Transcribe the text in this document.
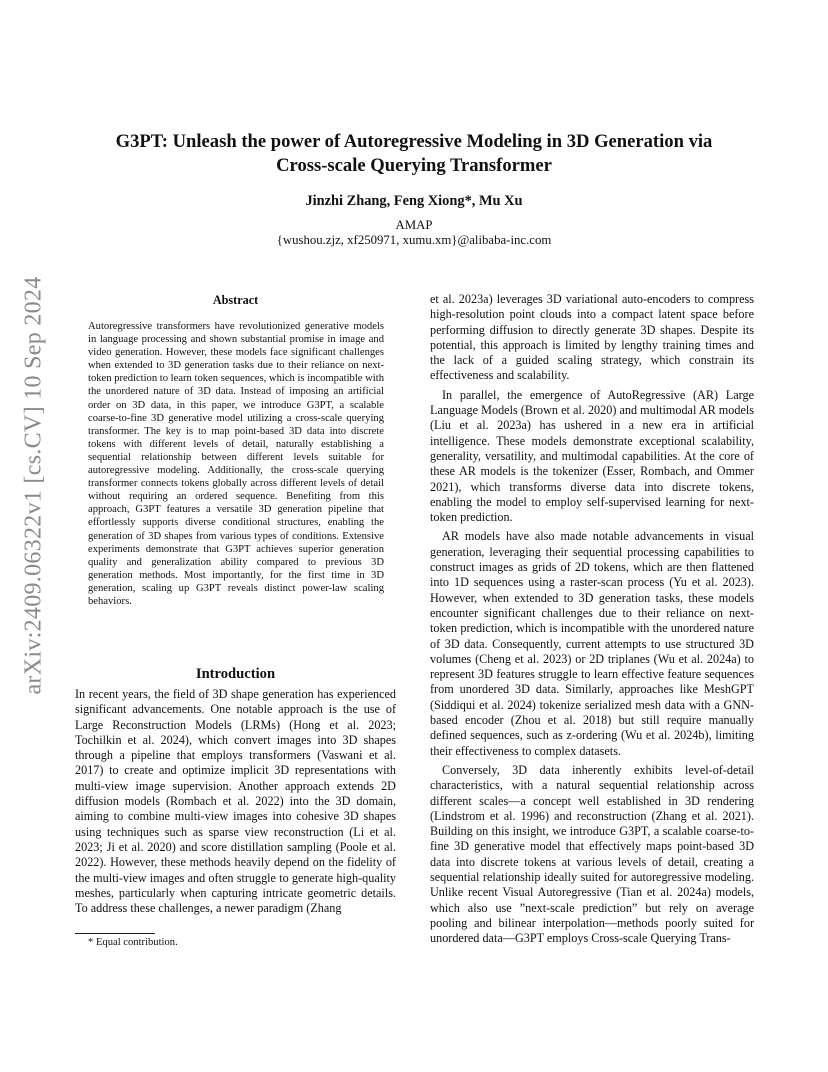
arXiv:2409.06322v1 [cs.CV] 10 Sep 2024
G3PT: Unleash the power of Autoregressive Modeling in 3D Generation via
Cross-scale Querying Transformer
Jinzhi Zhang, Feng Xiong*, Mu Xu
AMAP
{wushou.zjz, xf250971, xumu.xm}@alibaba-inc.com
Abstract
Autoregressive transformers have revolutionized generative models in language processing and shown substantial promise in image and video generation. However, these models face significant challenges when extended to 3D generation tasks due to their reliance on next-token prediction to learn token sequences, which is incompatible with the unordered nature of 3D data. Instead of imposing an artificial order on 3D data, in this paper, we introduce G3PT, a scalable coarse-to-fine 3D generative model utilizing a cross-scale querying transformer. The key is to map point-based 3D data into discrete tokens with different levels of detail, naturally establishing a sequential relationship between different levels suitable for autoregressive modeling. Additionally, the cross-scale querying transformer connects tokens globally across different levels of detail without requiring an ordered sequence. Benefiting from this approach, G3PT features a versatile 3D generation pipeline that effortlessly supports diverse conditional structures, enabling the generation of 3D shapes from various types of conditions. Extensive experiments demonstrate that G3PT achieves superior generation quality and generalization ability compared to previous 3D generation methods. Most importantly, for the first time in 3D generation, scaling up G3PT reveals distinct power-law scaling behaviors.
Introduction

In recent years, the field of 3D shape generation has experienced significant advancements. One notable approach is the use of Large Reconstruction Models (LRMs) (Hong et al. 2023; Tochilkin et al. 2024), which convert images into 3D shapes through a pipeline that employs transformers (Vaswani et al. 2017) to create and optimize implicit 3D representations with multi-view image supervision. Another approach extends 2D diffusion models (Rombach et al. 2022) into the 3D domain, aiming to combine multi-view images into cohesive 3D shapes using techniques such as sparse view reconstruction (Li et al. 2023; Ji et al. 2020) and score distillation sampling (Poole et al. 2022). However, these methods heavily depend on the fidelity of the multi-view images and often struggle to generate high-quality meshes, particularly when capturing intricate geometric details. To address these challenges, a newer paradigm (Zhang

et al. 2023a) leverages 3D variational auto-encoders to compress high-resolution point clouds into a compact latent space before performing diffusion to directly generate 3D shapes. Despite its potential, this approach is limited by lengthy training times and the lack of a guided scaling strategy, which constrain its effectiveness and scalability.

In parallel, the emergence of AutoRegressive (AR) Large Language Models (Brown et al. 2020) and multimodal AR models (Liu et al. 2023a) has ushered in a new era in artificial intelligence. These models demonstrate exceptional scalability, generality, versatility, and multimodal capabilities. At the core of these AR models is the tokenizer (Esser, Rombach, and Ommer 2021), which transforms diverse data into discrete tokens, enabling the model to employ self-supervised learning for next-token prediction.

AR models have also made notable advancements in visual generation, leveraging their sequential processing capabilities to construct images as grids of 2D tokens, which are then flattened into 1D sequences using a raster-scan process (Yu et al. 2023). However, when extended to 3D generation tasks, these models encounter significant challenges due to their reliance on next-token prediction, which is incompatible with the unordered nature of 3D data. Consequently, current attempts to use structured 3D volumes (Cheng et al. 2023) or 2D triplanes (Wu et al. 2024a) to represent 3D features struggle to learn effective feature sequences from unordered 3D data. Similarly, approaches like MeshGPT (Siddiqui et al. 2024) tokenize serialized mesh data with a GNN-based encoder (Zhou et al. 2018) but still require manually defined sequences, such as z-ordering (Wu et al. 2024b), limiting their effectiveness to complex datasets.

Conversely, 3D data inherently exhibits level-of-detail characteristics, with a natural sequential relationship across different scales—a concept well established in 3D rendering (Lindstrom et al. 1996) and reconstruction (Zhang et al. 2021). Building on this insight, we introduce G3PT, a scalable coarse-to-fine 3D generative model that effectively maps point-based 3D data into discrete tokens at various levels of detail, creating a sequential relationship ideally suited for autoregressive modeling. Unlike recent Visual Autoregressive (Tian et al. 2024a) models, which also use ”next-scale prediction” but rely on average pooling and bilinear interpolation—methods poorly suited for unordered data—G3PT employs Cross-scale Querying Trans-

* Equal contribution.
